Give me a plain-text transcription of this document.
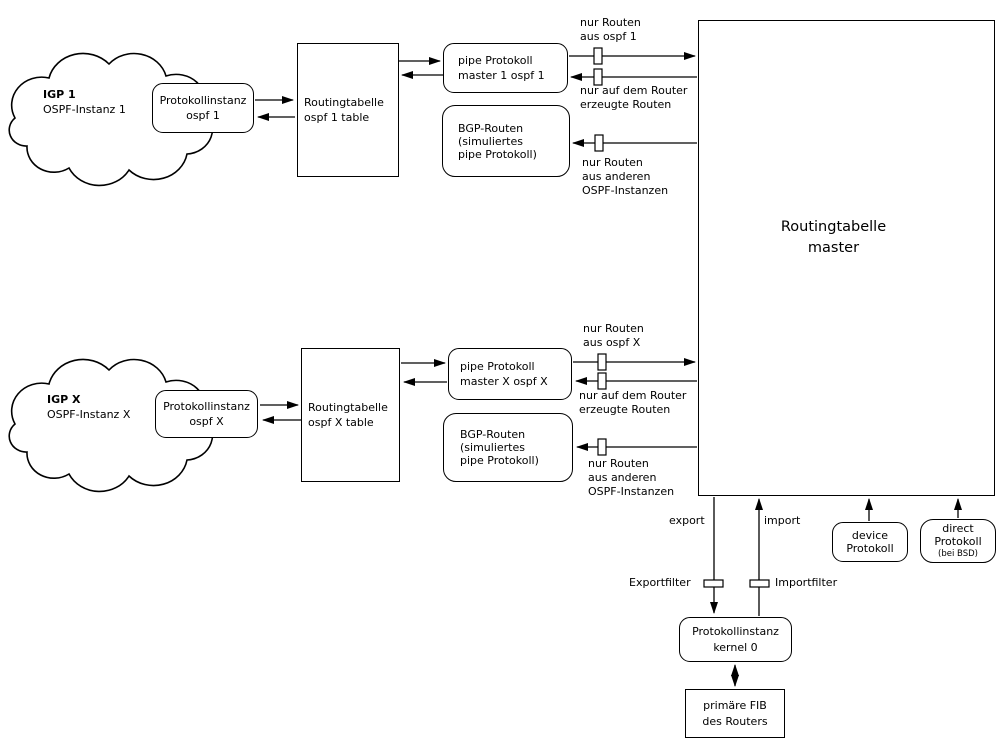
IGP 1
OSPF-Instanz 1
IGP X
OSPF-Instanz X
Protokollinstanz
ospf 1
Routingtabelle
ospf 1 table
pipe Protokoll
master 1 ospf 1
BGP-Routen
(simuliertes
pipe Protokoll)
Protokollinstanz
ospf X
Routingtabelle
ospf X table
pipe Protokoll
master X ospf X
BGP-Routen
(simuliertes
pipe Protokoll)
Routingtabelle
master
Protokollinstanz
kernel 0
primäre FIB
des Routers
device
Protokoll
direct
Protokoll
(bei BSD)
nur Routen
aus ospf 1
nur auf dem Router
erzeugte Routen
nur Routen
aus anderen
OSPF-Instanzen
nur Routen
aus ospf X
nur auf dem Router
erzeugte Routen
nur Routen
aus anderen
OSPF-Instanzen
export	import
Exportfilter	Importfilter
